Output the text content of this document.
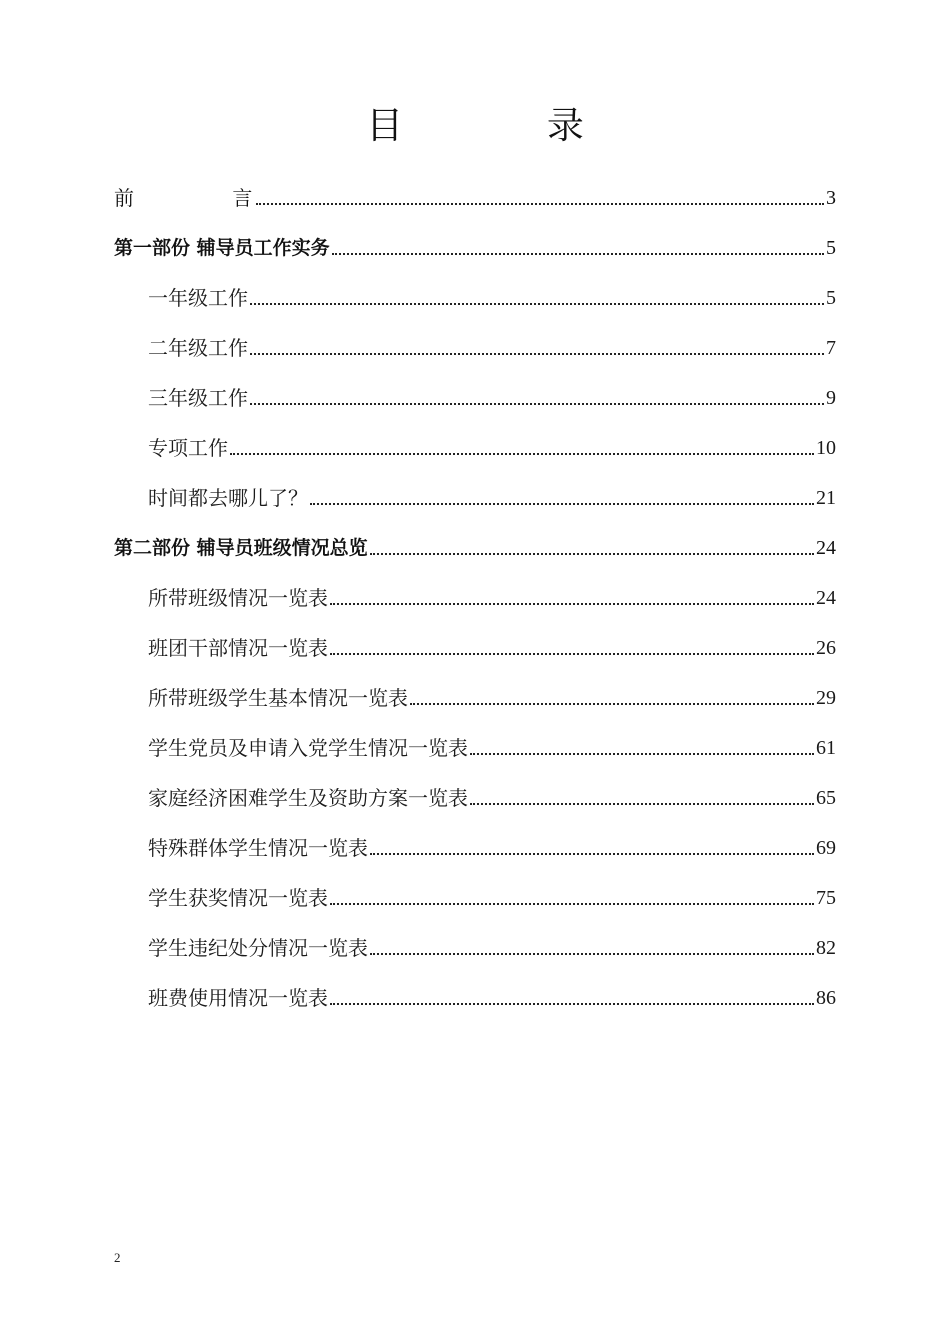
目 录
前 言	3
第一部份 辅导员工作实务	5
一年级工作	5
二年级工作	7
三年级工作	9
专项工作	10
时间都去哪儿了？	21
第二部份 辅导员班级情况总览	24
所带班级情况一览表	24
班团干部情况一览表	26
所带班级学生基本情况一览表	29
学生党员及申请入党学生情况一览表	61
家庭经济困难学生及资助方案一览表	65
特殊群体学生情况一览表	69
学生获奖情况一览表	75
学生违纪处分情况一览表	82
班费使用情况一览表	86
2
